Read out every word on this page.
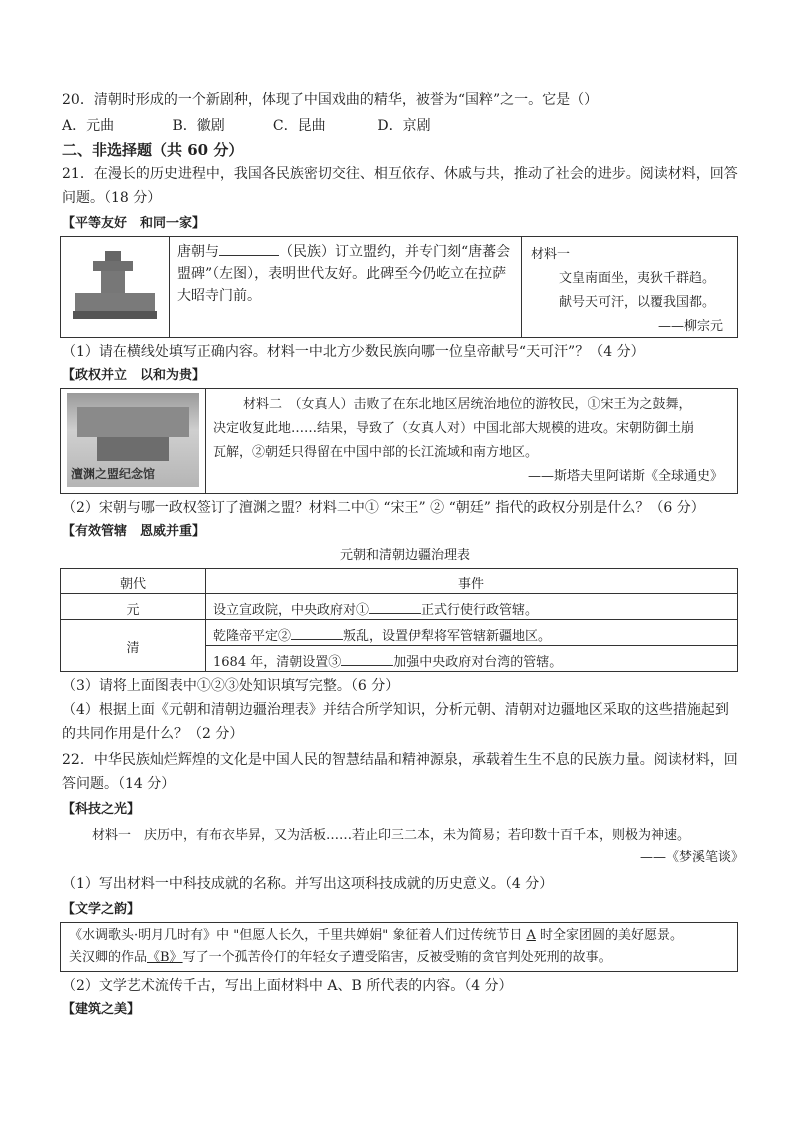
20．清朝时形成的一个新剧种，体现了中国戏曲的精华，被誉为“国粹”之一。它是（）
A．元曲	B．徽剧	C．昆曲	D．京剧
二、非选择题（共 60 分）
21．在漫长的历史进程中，我国各民族密切交往、相互依存、休戚与共，推动了社会的进步。阅读材料，回答
问题。（18 分）
【平等友好　和同一家】
唐朝与	（民族）订立盟约，并专门刻“唐蕃会
盟碑”（左图），表明世代友好。此碑至今仍屹立在拉萨
大昭寺门前。
材料一
文皇南面坐，夷狄千群趋。
献号天可汗，以覆我国都。
——柳宗元
（1）请在横线处填写正确内容。材料一中北方少数民族向哪一位皇帝献号“天可汗”？（4 分）
【政权并立　以和为贵】
澶渊之盟纪念馆
材料二　（女真人）击败了在东北地区居统治地位的游牧民，①宋王为之鼓舞，
决定收复此地……结果，导致了（女真人对）中国北部大规模的进攻。宋朝防御土崩
瓦解，②朝廷只得留在中国中部的长江流域和南方地区。
——斯塔夫里阿诺斯《全球通史》
（2）宋朝与哪一政权签订了澶渊之盟？材料二中① “宋王” ② “朝廷” 指代的政权分别是什么？（6 分）
【有效管辖　恩威并重】
元朝和清朝边疆治理表
朝代	事件
元	设立宣政院，中央政府对①	正式行使行政管辖。
清
乾隆帝平定②	叛乱，设置伊犁将军管辖新疆地区。
1684 年，清朝设置③	加强中央政府对台湾的管辖。
（3）请将上面图表中①②③处知识填写完整。（6 分）
（4）根据上面《元朝和清朝边疆治理表》并结合所学知识，分析元朝、清朝对边疆地区采取的这些措施起到
的共同作用是什么？（2 分）
22．中华民族灿烂辉煌的文化是中国人民的智慧结晶和精神源泉，承载着生生不息的民族力量。阅读材料，回
答问题。（14 分）
【科技之光】
材料一　庆历中，有布衣毕昇，又为活板……若止印三二本，未为简易；若印数十百千本，则极为神速。
——《梦溪笔谈》
（1）写出材料一中科技成就的名称。并写出这项科技成就的历史意义。（4 分）
【文学之韵】
《水调歌头·明月几时有》中 "但愿人长久，千里共婵娟" 象征着人们过传统节日 A 时全家团圆的美好愿景。
关汉卿的作品《B》写了一个孤苦伶仃的年轻女子遭受陷害，反被受贿的贪官判处死刑的故事。
（2）文学艺术流传千古，写出上面材料中 A、B 所代表的内容。（4 分）
【建筑之美】
